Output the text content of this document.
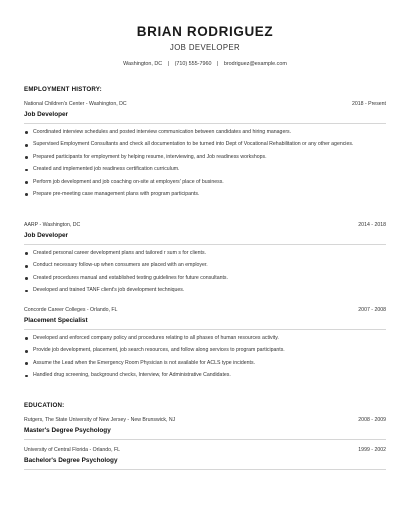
BRIAN RODRIGUEZ
JOB DEVELOPER
Washington, DC | (710) 555-7960 | brodriguez@example.com
EMPLOYMENT HISTORY:
National Children's Center - Washington, DC	2018 - Present
Job Developer
Coordinated interview schedules and posted interview communication between candidates and hiring managers.
Supervised Employment Consultants and check all documentation to be turned into Dept of Vocational Rehabilitation or any other agencies.
Prepared participants for employment by helping resume, interviewing, and Job readiness workshops.
Created and implemented job readiness certification curriculum.
Perform job development and job coaching on-site at employers' place of business.
Prepare pre-meeting case management plans with program participants.
AARP - Washington, DC	2014 - 2018
Job Developer
Created personal career development plans and tailored r sum s for clients.
Conduct necessary follow-up when consumers are placed with an employer.
Created procedures manual and established testing guidelines for future consultants.
Developed and trained TANF client's job development techniques.
Concorde Career Colleges - Orlando, FL	2007 - 2008
Placement Specialist
Developed and enforced company policy and procedures relating to all phases of human resources activity.
Provide job development, placement, job search resources, and follow along services to program participants.
Assume the Lead when the Emergency Room Physician is not available for ACLS type incidents.
Handled drug screening, background checks, Interview, for Administrative Candidates.
EDUCATION:
Rutgers, The State University of New Jersey - New Brunswick, NJ	2008 - 2009
Master's Degree Psychology
University of Central Florida - Orlando, FL	1999 - 2002
Bachelor's Degree Psychology
